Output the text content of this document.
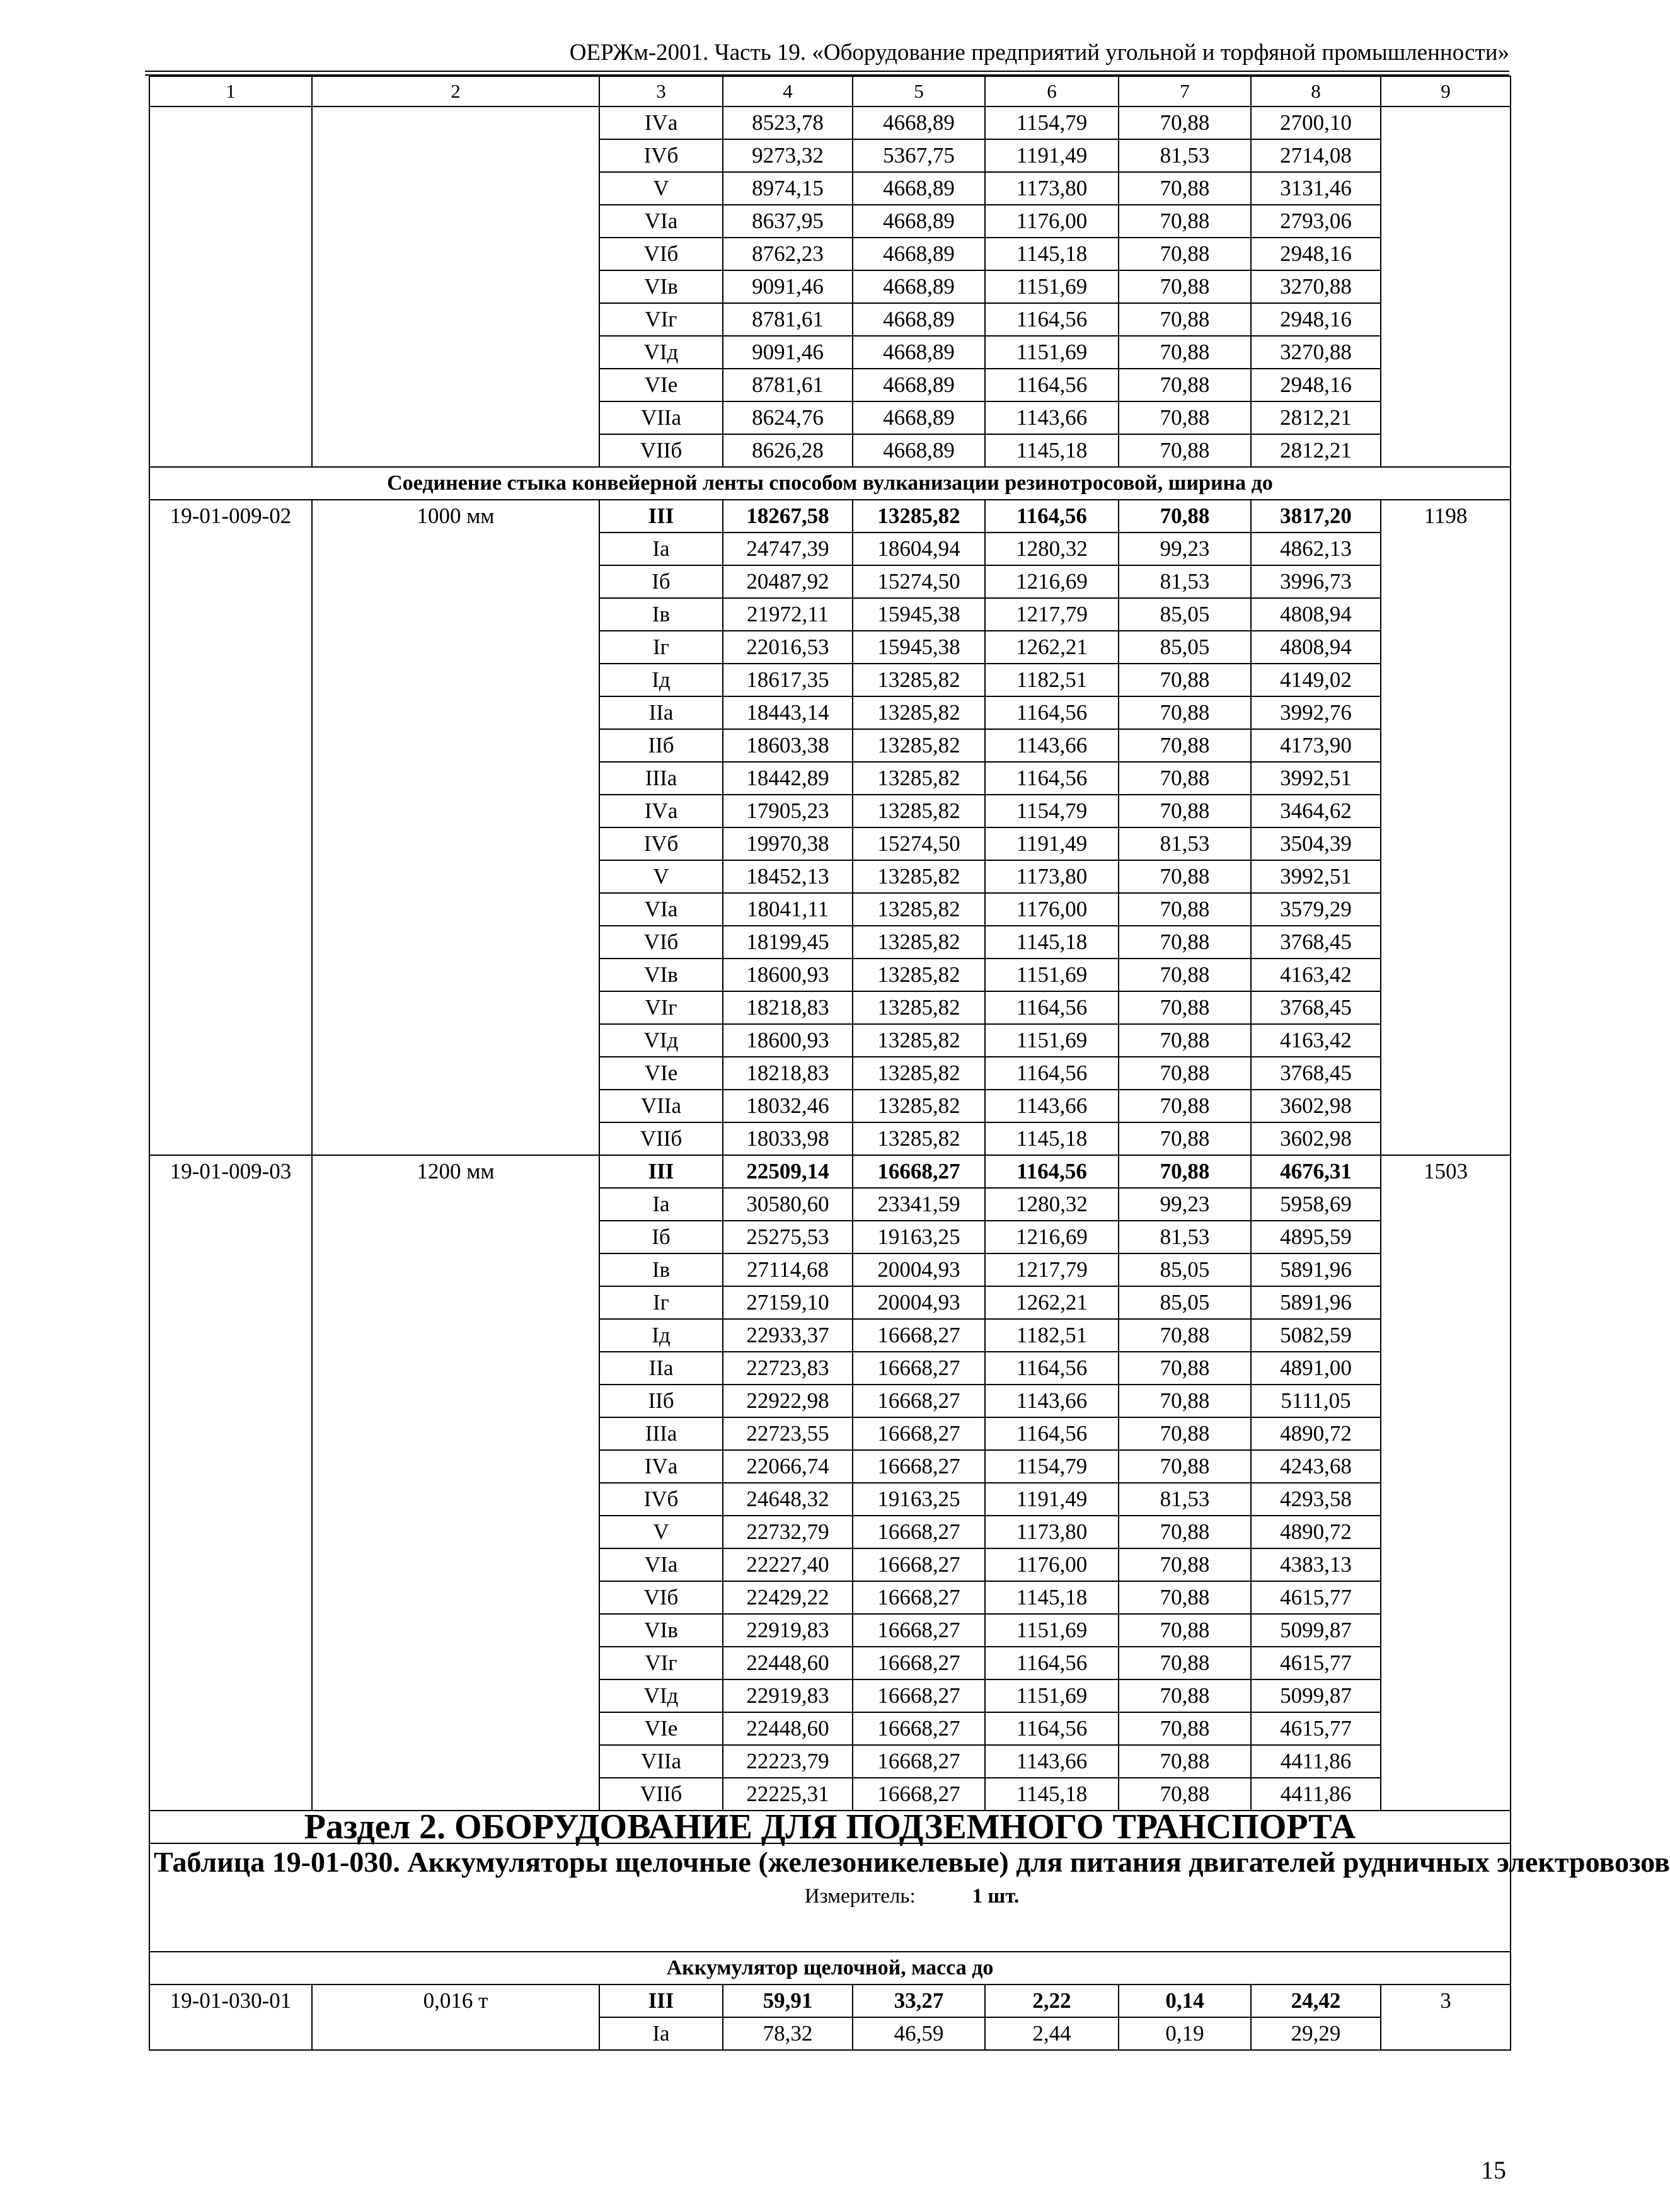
ОЕРЖм-2001. Часть 19. «Оборудование предприятий угольной и торфяной промышленности»
1	2	3	4	5	6	7	8	9
		IVа	8523,78	4668,89	1154,79	70,88	2700,10	
		IVб	9273,32	5367,75	1191,49	81,53	2714,08	
		V	8974,15	4668,89	1173,80	70,88	3131,46	
		VIа	8637,95	4668,89	1176,00	70,88	2793,06	
		VIб	8762,23	4668,89	1145,18	70,88	2948,16	
		VIв	9091,46	4668,89	1151,69	70,88	3270,88	
		VIг	8781,61	4668,89	1164,56	70,88	2948,16	
		VIд	9091,46	4668,89	1151,69	70,88	3270,88	
		VIе	8781,61	4668,89	1164,56	70,88	2948,16	
		VIIа	8624,76	4668,89	1143,66	70,88	2812,21	
		VIIб	8626,28	4668,89	1145,18	70,88	2812,21	
Соединение стыка конвейерной ленты способом вулканизации резинотросовой, ширина до								
19-01-009-02	1000 мм	III	18267,58	13285,82	1164,56	70,88	3817,20	1198
		Iа	24747,39	18604,94	1280,32	99,23	4862,13	
		Iб	20487,92	15274,50	1216,69	81,53	3996,73	
		Iв	21972,11	15945,38	1217,79	85,05	4808,94	
		Iг	22016,53	15945,38	1262,21	85,05	4808,94	
		Iд	18617,35	13285,82	1182,51	70,88	4149,02	
		IIа	18443,14	13285,82	1164,56	70,88	3992,76	
		IIб	18603,38	13285,82	1143,66	70,88	4173,90	
		IIIа	18442,89	13285,82	1164,56	70,88	3992,51	
		IVа	17905,23	13285,82	1154,79	70,88	3464,62	
		IVб	19970,38	15274,50	1191,49	81,53	3504,39	
		V	18452,13	13285,82	1173,80	70,88	3992,51	
		VIа	18041,11	13285,82	1176,00	70,88	3579,29	
		VIб	18199,45	13285,82	1145,18	70,88	3768,45	
		VIв	18600,93	13285,82	1151,69	70,88	4163,42	
		VIг	18218,83	13285,82	1164,56	70,88	3768,45	
		VIд	18600,93	13285,82	1151,69	70,88	4163,42	
		VIе	18218,83	13285,82	1164,56	70,88	3768,45	
		VIIа	18032,46	13285,82	1143,66	70,88	3602,98	
		VIIб	18033,98	13285,82	1145,18	70,88	3602,98	
19-01-009-03	1200 мм	III	22509,14	16668,27	1164,56	70,88	4676,31	1503
		Iа	30580,60	23341,59	1280,32	99,23	5958,69	
		Iб	25275,53	19163,25	1216,69	81,53	4895,59	
		Iв	27114,68	20004,93	1217,79	85,05	5891,96	
		Iг	27159,10	20004,93	1262,21	85,05	5891,96	
		Iд	22933,37	16668,27	1182,51	70,88	5082,59	
		IIа	22723,83	16668,27	1164,56	70,88	4891,00	
		IIб	22922,98	16668,27	1143,66	70,88	5111,05	
		IIIа	22723,55	16668,27	1164,56	70,88	4890,72	
		IVа	22066,74	16668,27	1154,79	70,88	4243,68	
		IVб	24648,32	19163,25	1191,49	81,53	4293,58	
		V	22732,79	16668,27	1173,80	70,88	4890,72	
		VIа	22227,40	16668,27	1176,00	70,88	4383,13	
		VIб	22429,22	16668,27	1145,18	70,88	4615,77	
		VIв	22919,83	16668,27	1151,69	70,88	5099,87	
		VIг	22448,60	16668,27	1164,56	70,88	4615,77	
		VIд	22919,83	16668,27	1151,69	70,88	5099,87	
		VIе	22448,60	16668,27	1164,56	70,88	4615,77	
		VIIа	22223,79	16668,27	1143,66	70,88	4411,86	
		VIIб	22225,31	16668,27	1145,18	70,88	4411,86	
Раздел 2. ОБОРУДОВАНИЕ ДЛЯ ПОДЗЕМНОГО ТРАНСПОРТА								

Таблица 19-01-030. Аккумуляторы щелочные (железоникелевые) для питания двигателей рудничных электровозов
Измеритель: 1 шт.								

Аккумулятор щелочной, масса до								
19-01-030-01	0,016 т	III	59,91	33,27	2,22	0,14	24,42	3
		Iа	78,32	46,59	2,44	0,19	29,29	
15
